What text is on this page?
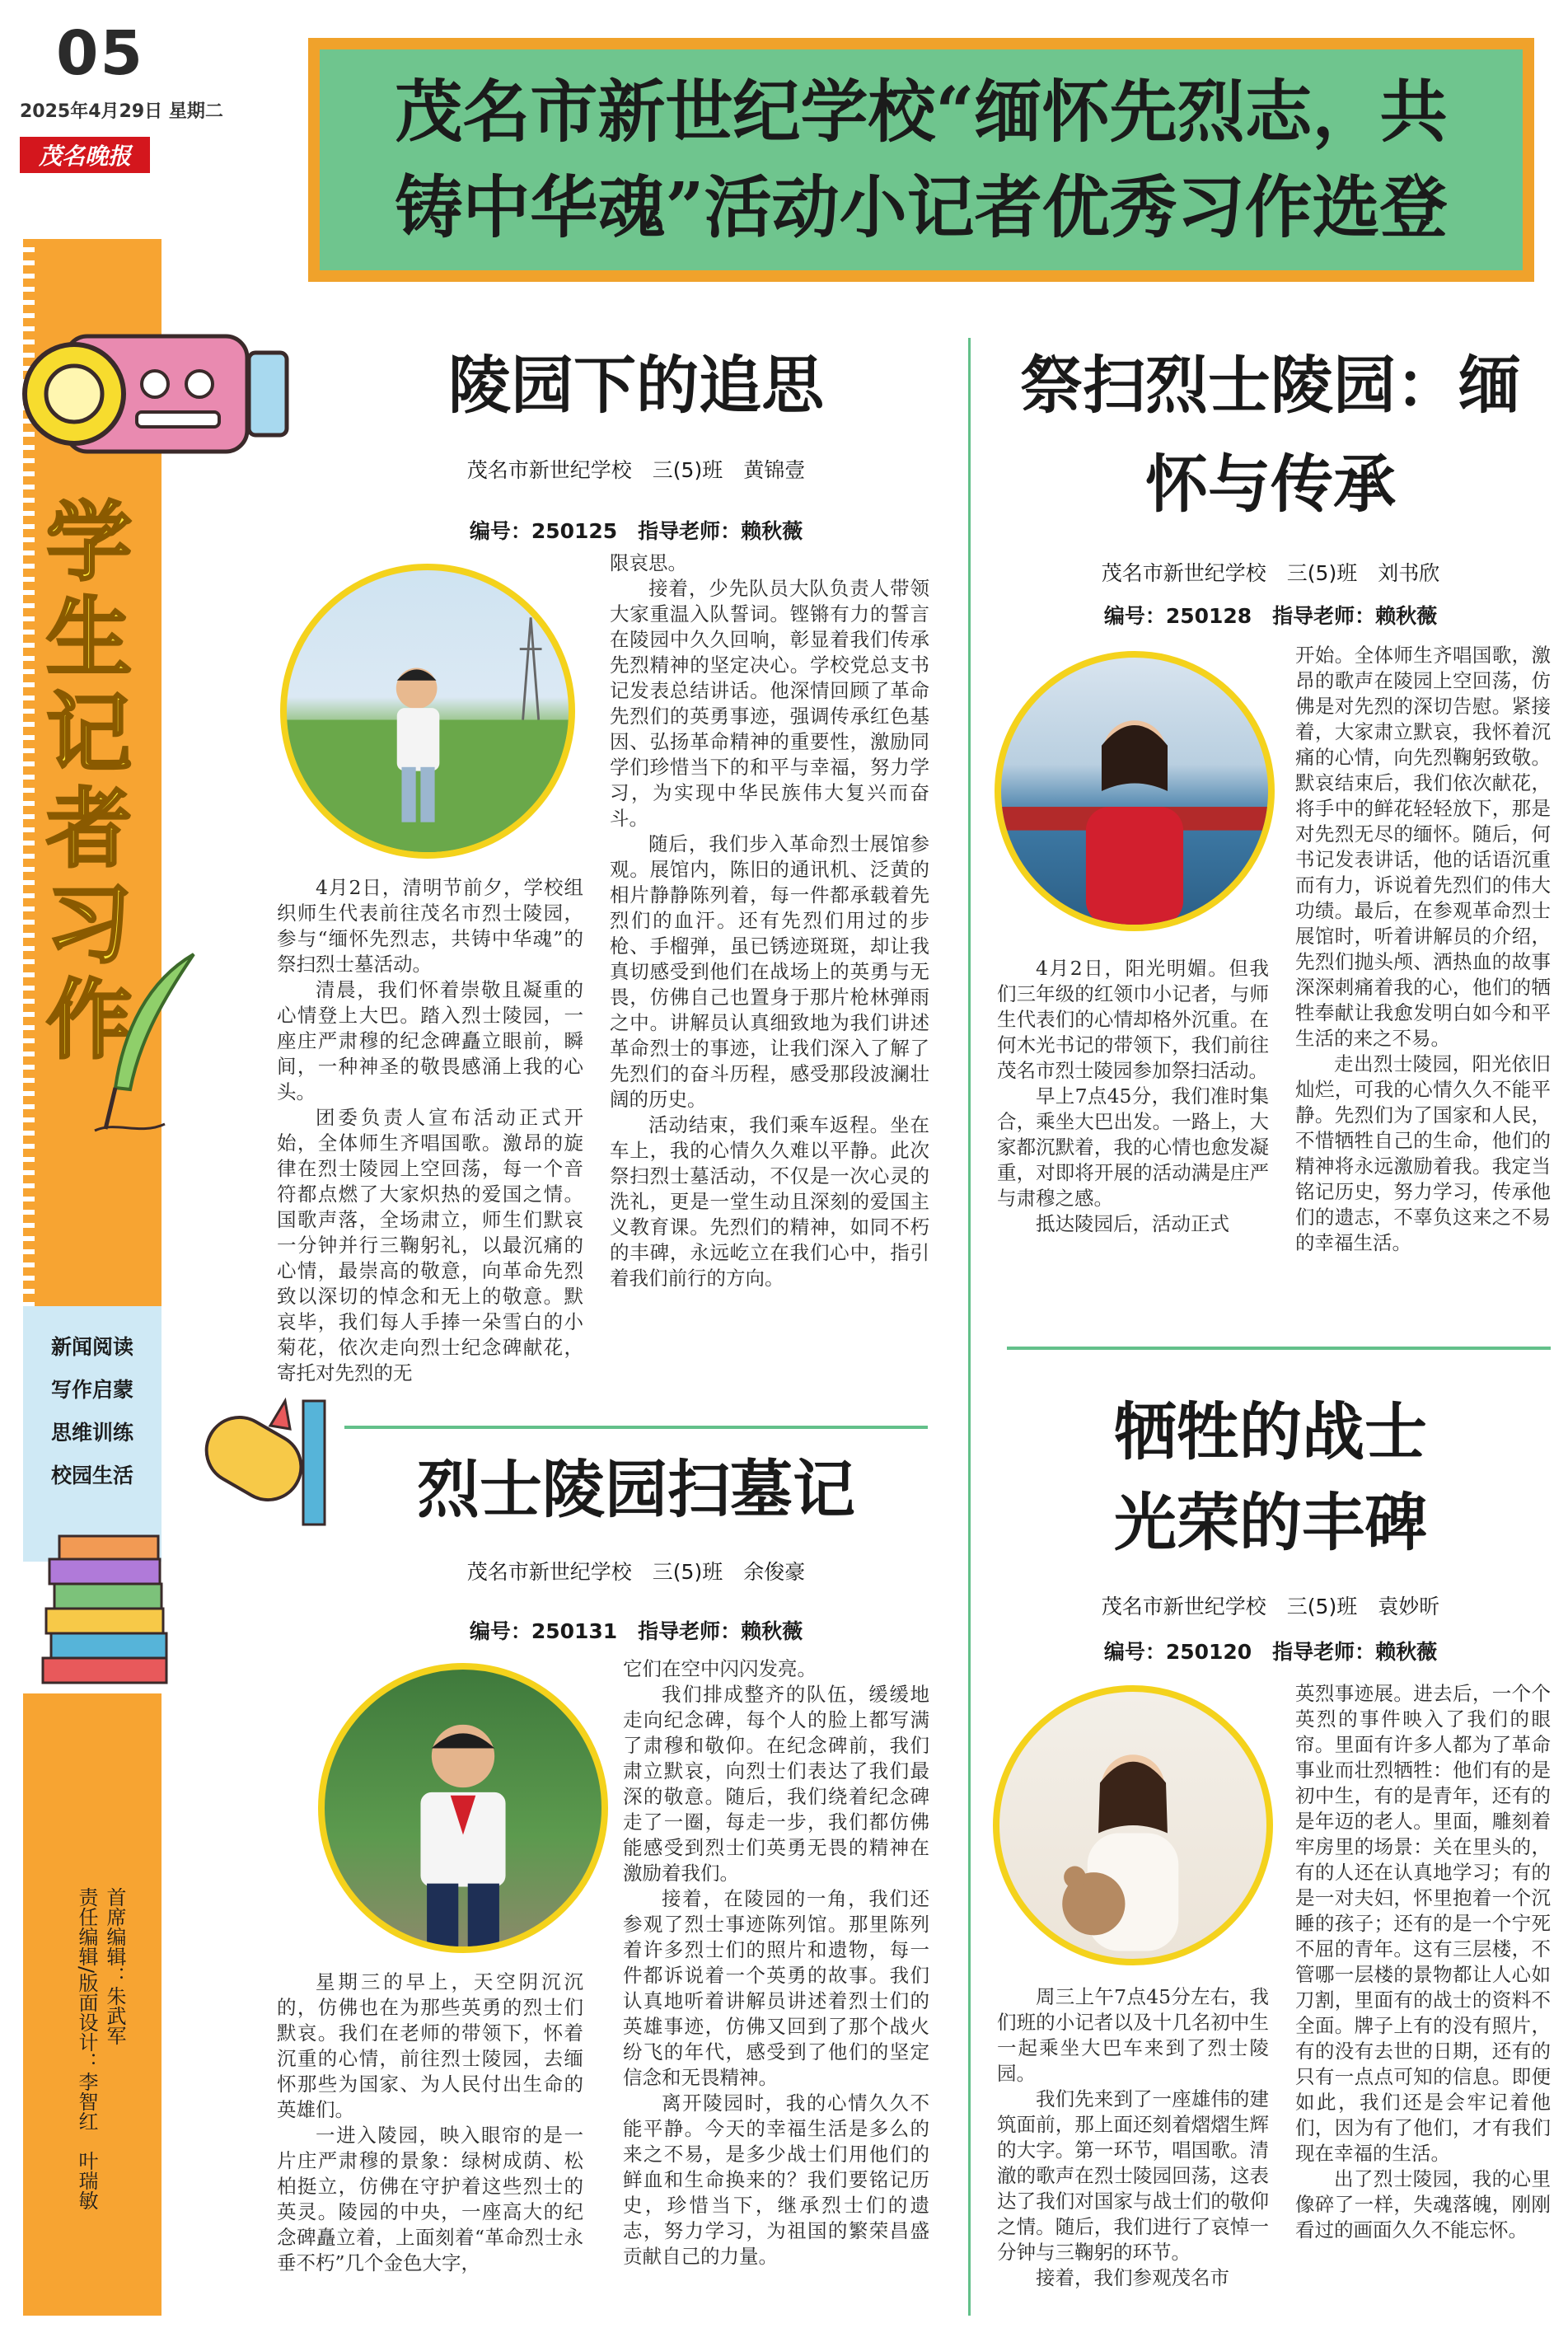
05
2025年4月29日 星期二
茂名晚报
茂名市新世纪学校“缅怀先烈志，共
铸中华魂”活动小记者优秀习作选登
学
生
记
者
习
作
新闻阅读
写作启蒙
思维训练
校园生活
首席编辑：朱武军
责任编辑/版面设计：李智红　叶瑞敏
陵园下的追思
茂名市新世纪学校　三(5)班　黄锦壹
编号：250125　指导老师：赖秋薇

4月2日，清明节前夕，学校组织师生代表前往茂名市烈士陵园，参与“缅怀先烈志，共铸中华魂”的祭扫烈士墓活动。

清晨，我们怀着崇敬且凝重的心情登上大巴。踏入烈士陵园，一座庄严肃穆的纪念碑矗立眼前，瞬间，一种神圣的敬畏感涌上我的心头。

团委负责人宣布活动正式开始，全体师生齐唱国歌。激昂的旋律在烈士陵园上空回荡，每一个音符都点燃了大家炽热的爱国之情。国歌声落，全场肃立，师生们默哀一分钟并行三鞠躬礼，以最沉痛的心情，最崇高的敬意，向革命先烈致以深切的悼念和无上的敬意。默哀毕，我们每人手捧一朵雪白的小菊花，依次走向烈士纪念碑献花，寄托对先烈的无

限哀思。

接着，少先队员大队负责人带领大家重温入队誓词。铿锵有力的誓言在陵园中久久回响，彰显着我们传承先烈精神的坚定决心。学校党总支书记发表总结讲话。他深情回顾了革命先烈们的英勇事迹，强调传承红色基因、弘扬革命精神的重要性，激励同学们珍惜当下的和平与幸福，努力学习，为实现中华民族伟大复兴而奋斗。

随后，我们步入革命烈士展馆参观。展馆内，陈旧的通讯机、泛黄的相片静静陈列着，每一件都承载着先烈们的血汗。还有先烈们用过的步枪、手榴弹，虽已锈迹斑斑，却让我真切感受到他们在战场上的英勇与无畏，仿佛自己也置身于那片枪林弹雨之中。讲解员认真细致地为我们讲述革命烈士的事迹，让我们深入了解了先烈们的奋斗历程，感受那段波澜壮阔的历史。

活动结束，我们乘车返程。坐在车上，我的心情久久难以平静。此次祭扫烈士墓活动，不仅是一次心灵的洗礼，更是一堂生动且深刻的爱国主义教育课。先烈们的精神，如同不朽的丰碑，永远屹立在我们心中，指引着我们前行的方向。

祭扫烈士陵园：缅
怀与传承
茂名市新世纪学校　三(5)班　刘书欣
编号：250128　指导老师：赖秋薇

4月2日，阳光明媚。但我们三年级的红领巾小记者，与师生代表们的心情却格外沉重。在何木光书记的带领下，我们前往茂名市烈士陵园参加祭扫活动。

早上7点45分，我们准时集合，乘坐大巴出发。一路上，大家都沉默着，我的心情也愈发凝重，对即将开展的活动满是庄严与肃穆之感。

抵达陵园后，活动正式

开始。全体师生齐唱国歌，激昂的歌声在陵园上空回荡，仿佛是对先烈的深切告慰。紧接着，大家肃立默哀，我怀着沉痛的心情，向先烈鞠躬致敬。默哀结束后，我们依次献花，将手中的鲜花轻轻放下，那是对先烈无尽的缅怀。随后，何书记发表讲话，他的话语沉重而有力，诉说着先烈们的伟大功绩。最后，在参观革命烈士展馆时，听着讲解员的介绍，先烈们抛头颅、洒热血的故事深深刺痛着我的心，他们的牺牲奉献让我愈发明白如今和平生活的来之不易。

走出烈士陵园，阳光依旧灿烂，可我的心情久久不能平静。先烈们为了国家和人民，不惜牺牲自己的生命，他们的精神将永远激励着我。我定当铭记历史，努力学习，传承他们的遗志，不辜负这来之不易的幸福生活。

烈士陵园扫墓记
茂名市新世纪学校　三(5)班　余俊豪
编号：250131　指导老师：赖秋薇

星期三的早上，天空阴沉沉的，仿佛也在为那些英勇的烈士们默哀。我们在老师的带领下，怀着沉重的心情，前往烈士陵园，去缅怀那些为国家、为人民付出生命的英雄们。

一进入陵园，映入眼帘的是一片庄严肃穆的景象：绿树成荫、松柏挺立，仿佛在守护着这些烈士的英灵。陵园的中央，一座高大的纪念碑矗立着，上面刻着“革命烈士永垂不朽”几个金色大字，

它们在空中闪闪发亮。

我们排成整齐的队伍，缓缓地走向纪念碑，每个人的脸上都写满了肃穆和敬仰。在纪念碑前，我们肃立默哀，向烈士们表达了我们最深的敬意。随后，我们绕着纪念碑走了一圈，每走一步，我们都仿佛能感受到烈士们英勇无畏的精神在激励着我们。

接着，在陵园的一角，我们还参观了烈士事迹陈列馆。那里陈列着许多烈士们的照片和遗物，每一件都诉说着一个英勇的故事。我们认真地听着讲解员讲述着烈士们的英雄事迹，仿佛又回到了那个战火纷飞的年代，感受到了他们的坚定信念和无畏精神。

离开陵园时，我的心情久久不能平静。今天的幸福生活是多么的来之不易，是多少战士们用他们的鲜血和生命换来的？我们要铭记历史，珍惜当下，继承烈士们的遗志，努力学习，为祖国的繁荣昌盛贡献自己的力量。

牺牲的战士
光荣的丰碑
茂名市新世纪学校　三(5)班　袁妙昕
编号：250120　指导老师：赖秋薇

周三上午7点45分左右，我们班的小记者以及十几名初中生一起乘坐大巴车来到了烈士陵园。

我们先来到了一座雄伟的建筑面前，那上面还刻着熠熠生辉的大字。第一环节，唱国歌。清澈的歌声在烈士陵园回荡，这表达了我们对国家与战士们的敬仰之情。随后，我们进行了哀悼一分钟与三鞠躬的环节。

接着，我们参观茂名市

英烈事迹展。进去后，一个个英烈的事件映入了我们的眼帘。里面有许多人都为了革命事业而壮烈牺牲：他们有的是初中生，有的是青年，还有的是年迈的老人。里面，雕刻着牢房里的场景：关在里头的，有的人还在认真地学习；有的是一对夫妇，怀里抱着一个沉睡的孩子；还有的是一个宁死不屈的青年。这有三层楼，不管哪一层楼的景物都让人心如刀割，里面有的战士的资料不全面。牌子上有的没有照片，有的没有去世的日期，还有的只有一点点可知的信息。即便如此，我们还是会牢记着他们，因为有了他们，才有我们现在幸福的生活。

出了烈士陵园，我的心里像碎了一样，失魂落魄，刚刚看过的画面久久不能忘怀。
